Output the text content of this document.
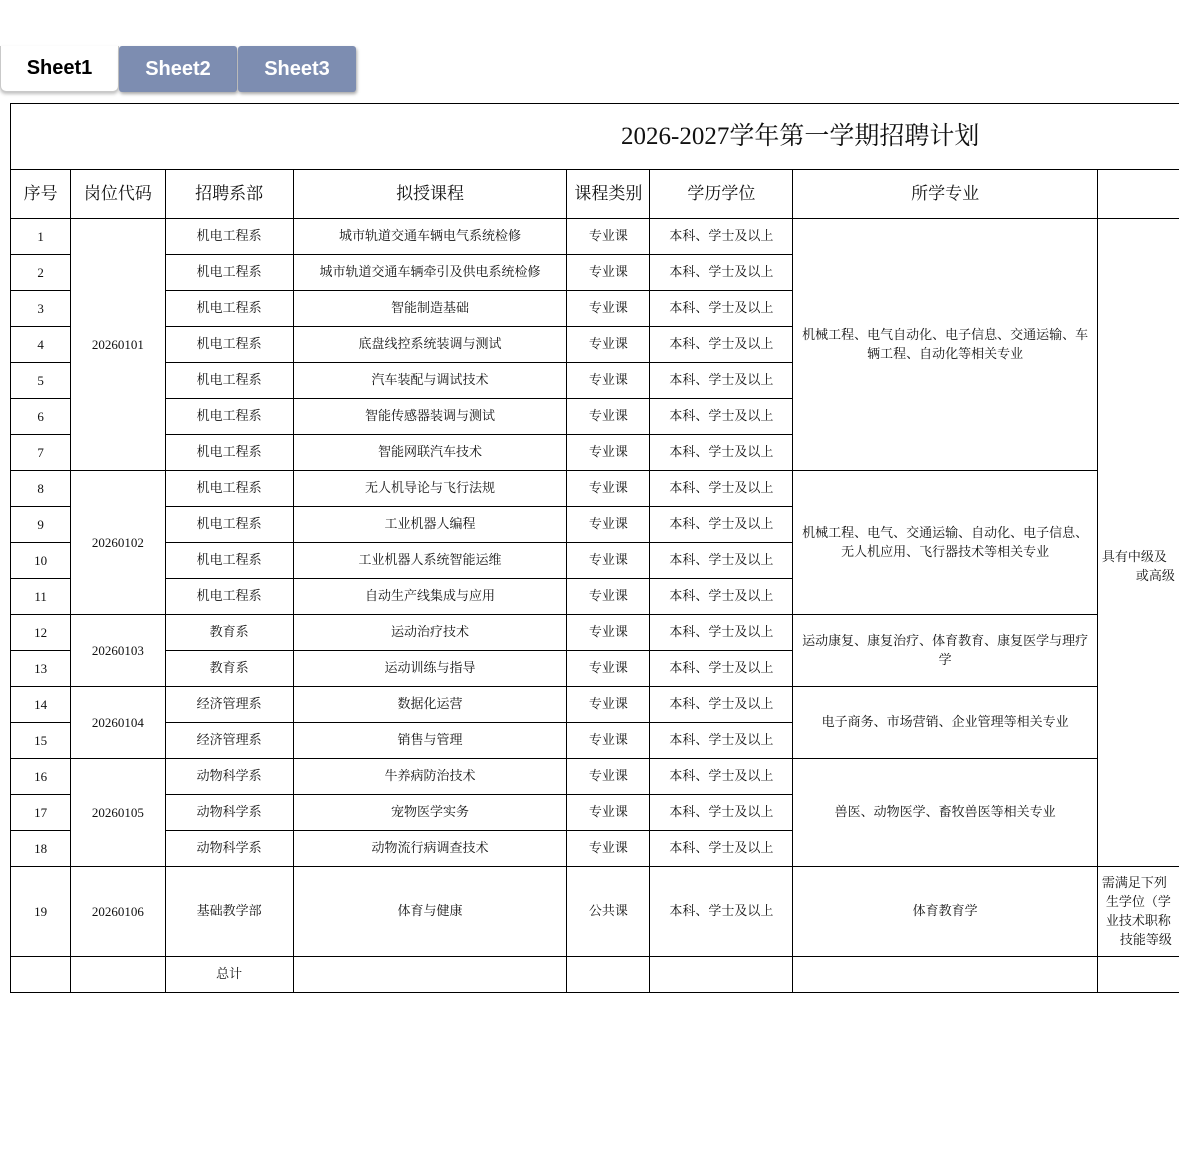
Sheet1	Sheet2	Sheet3
2026-2027学年第一学期招聘计划							
序号	岗位代码	招聘系部	拟授课程	课程类别	学历学位	所学专业	
1	20260101	机电工程系	城市轨道交通车辆电气系统检修	专业课	本科、学士及以上	机械工程、电气自动化、电子信息、交通运输、车辆工程、自动化等相关专业	具有中级及
或高级

2		机电工程系	城市轨道交通车辆牵引及供电系统检修	专业课	本科、学士及以上		
3		机电工程系	智能制造基础	专业课	本科、学士及以上		
4		机电工程系	底盘线控系统装调与测试	专业课	本科、学士及以上		
5		机电工程系	汽车装配与调试技术	专业课	本科、学士及以上		
6		机电工程系	智能传感器装调与测试	专业课	本科、学士及以上		
7		机电工程系	智能网联汽车技术	专业课	本科、学士及以上		
8	20260102	机电工程系	无人机导论与飞行法规	专业课	本科、学士及以上	机械工程、电气、交通运输、自动化、电子信息、无人机应用、飞行器技术等相关专业	
9		机电工程系	工业机器人编程	专业课	本科、学士及以上		
10		机电工程系	工业机器人系统智能运维	专业课	本科、学士及以上		
11		机电工程系	自动生产线集成与应用	专业课	本科、学士及以上		
12	20260103	教育系	运动治疗技术	专业课	本科、学士及以上	运动康复、康复治疗、体育教育、康复医学与理疗学	
13		教育系	运动训练与指导	专业课	本科、学士及以上		
14	20260104	经济管理系	数据化运营	专业课	本科、学士及以上	电子商务、市场营销、企业管理等相关专业	
15		经济管理系	销售与管理	专业课	本科、学士及以上		
16	20260105	动物科学系	牛养病防治技术	专业课	本科、学士及以上	兽医、动物医学、畜牧兽医等相关专业	
17		动物科学系	宠物医学实务	专业课	本科、学士及以上		
18		动物科学系	动物流行病调查技术	专业课	本科、学士及以上		
19	20260106	基础教学部	体育与健康	公共课	本科、学士及以上	体育教育学	需满足下列
生学位（学
业技术职称
技能等级

		总计					
